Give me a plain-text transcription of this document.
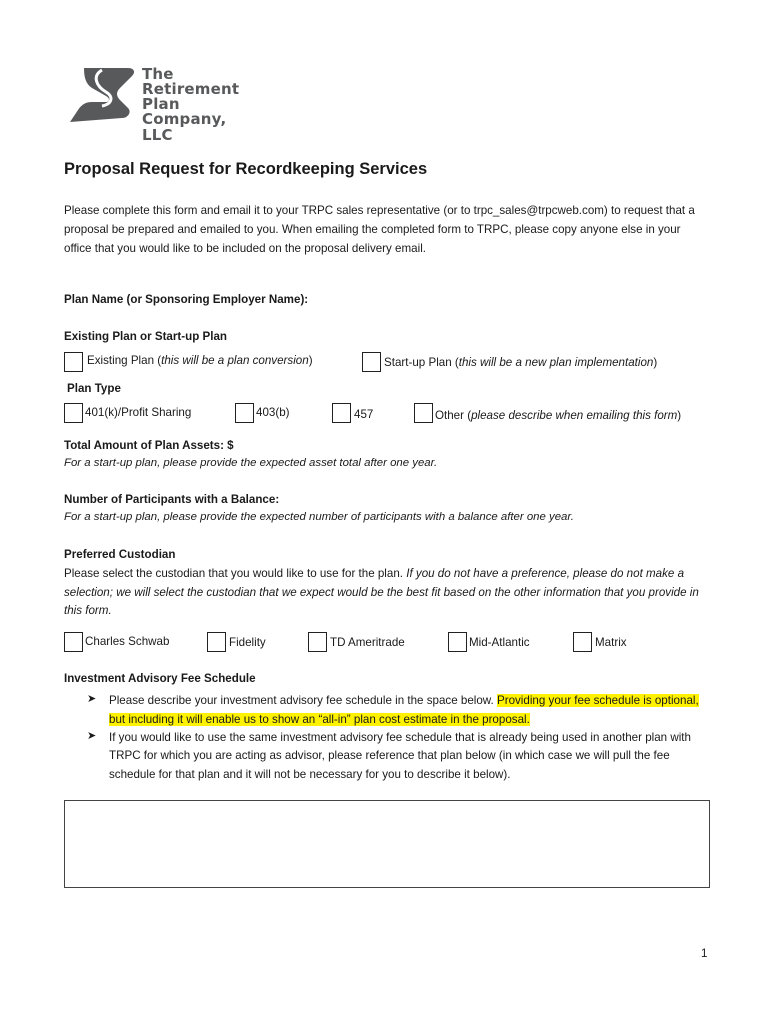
The
Retirement
Plan
Company, LLC
Proposal Request for Recordkeeping Services
Please complete this form and email it to your TRPC sales representative (or to trpc_sales@trpcweb.com) to request that a
proposal be prepared and emailed to you. When emailing the completed form to TRPC, please copy anyone else in your
office that you would like to be included on the proposal delivery email.
Plan Name (or Sponsoring Employer Name):
Existing Plan or Start-up Plan
Existing Plan (this will be a plan conversion)	Start-up Plan (this will be a new plan implementation)
Plan Type
401(k)/Profit Sharing	403(b)	457	Other (please describe when emailing this form)
Total Amount of Plan Assets: $
For a start-up plan, please provide the expected asset total after one year.
Number of Participants with a Balance:
For a start-up plan, please provide the expected number of participants with a balance after one year.
Preferred Custodian
Please select the custodian that you would like to use for the plan. If you do not have a preference, please do not make a
selection; we will select the custodian that we expect would be the best fit based on the other information that you provide in
this form.
Charles Schwab	Fidelity	TD Ameritrade	Mid-Atlantic	Matrix
Investment Advisory Fee Schedule
➤ Please describe your investment advisory fee schedule in the space below. Providing your fee schedule is optional,
but including it will enable us to show an “all-in” plan cost estimate in the proposal.
➤ If you would like to use the same investment advisory fee schedule that is already being used in another plan with
TRPC for which you are acting as advisor, please reference that plan below (in which case we will pull the fee
schedule for that plan and it will not be necessary for you to describe it below).
1
